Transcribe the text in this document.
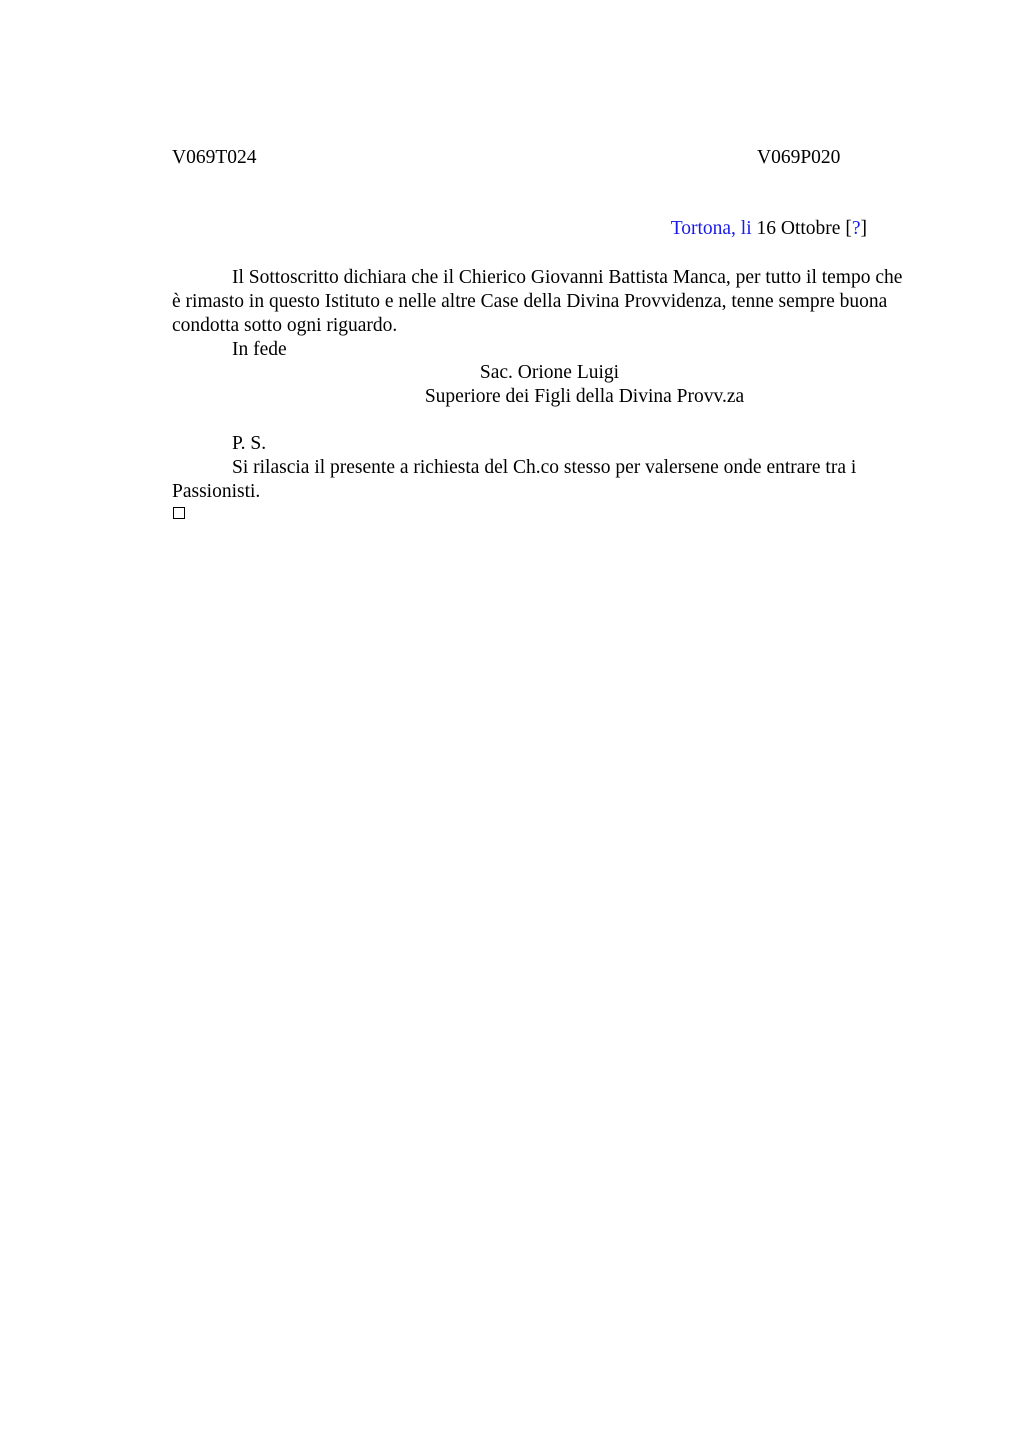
V069T024	V069P020
Tortona, li 16 Ottobre [?]

Il Sottoscritto dichiara che il Chierico Giovanni Battista Manca, per tutto il tempo che è rimasto in questo Istituto e nelle altre Case della Divina Provvidenza, tenne sempre buona condotta sotto ogni riguardo.

In fede

Sac. Orione Luigi
Superiore dei Figli della Divina Provv.za

P. S.

Si rilascia il presente a richiesta del Ch.co stesso per valersene onde entrare tra i Passionisti.
